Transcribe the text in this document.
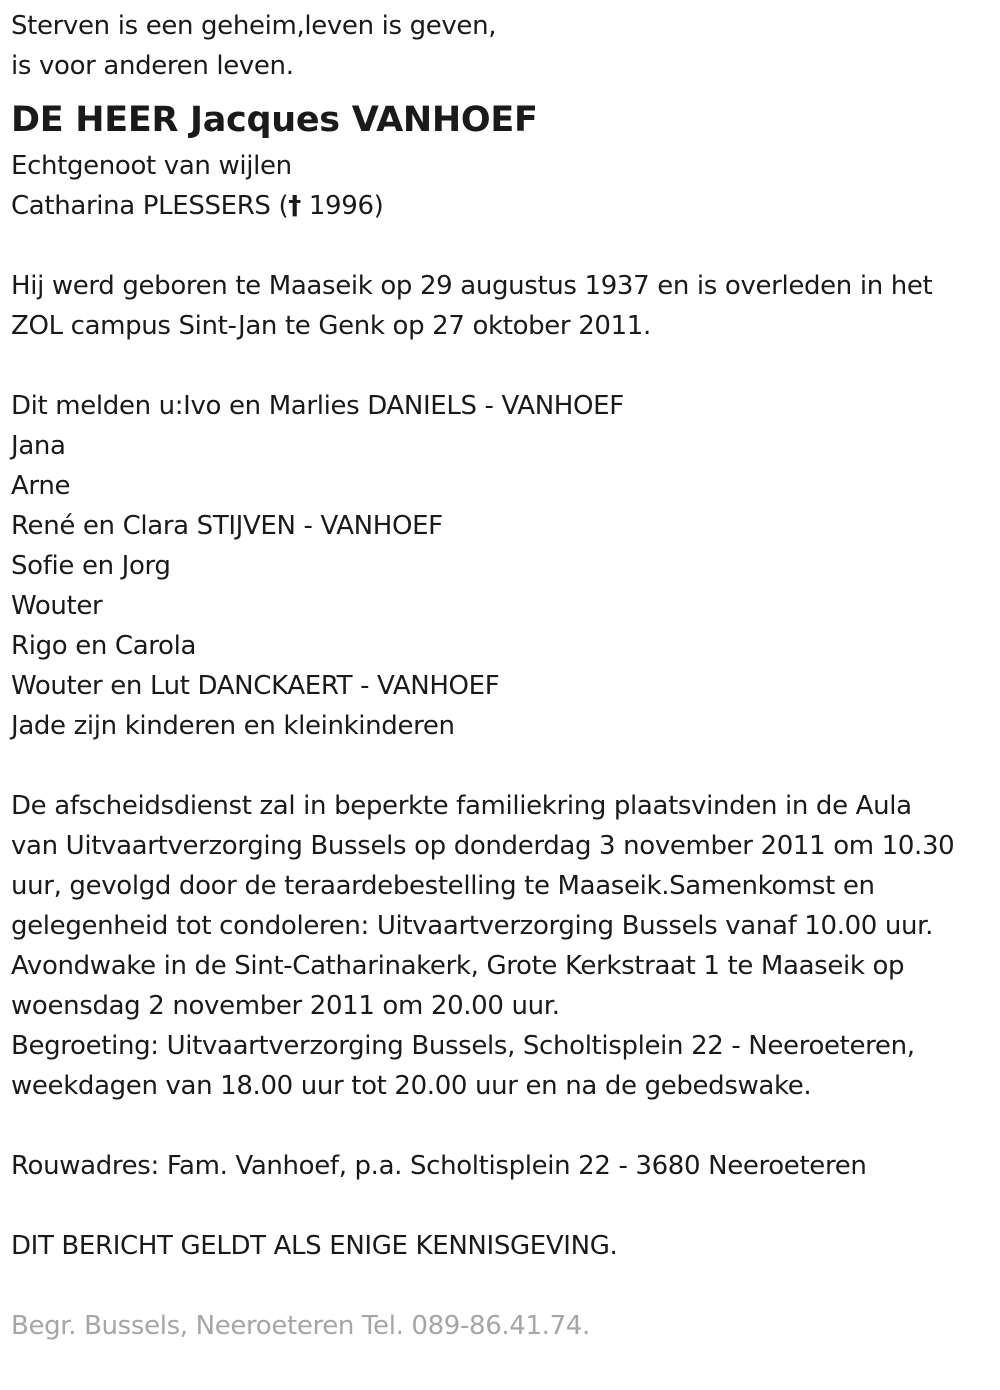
Sterven is een geheim,leven is geven,
is voor anderen leven.
DE HEER Jacques VANHOEF
Echtgenoot van wijlen
Catharina PLESSERS († 1996)
Hij werd geboren te Maaseik op 29 augustus 1937 en is overleden in het
ZOL campus Sint-Jan te Genk op 27 oktober 2011.
Dit melden u:Ivo en Marlies DANIELS - VANHOEF
Jana
Arne
René en Clara STIJVEN - VANHOEF
Sofie en Jorg
Wouter
Rigo en Carola
Wouter en Lut DANCKAERT - VANHOEF
Jade zijn kinderen en kleinkinderen
De afscheidsdienst zal in beperkte familiekring plaatsvinden in de Aula
van Uitvaartverzorging Bussels op donderdag 3 november 2011 om 10.30
uur, gevolgd door de teraardebestelling te Maaseik.Samenkomst en
gelegenheid tot condoleren: Uitvaartverzorging Bussels vanaf 10.00 uur.
Avondwake in de Sint-Catharinakerk, Grote Kerkstraat 1 te Maaseik op
woensdag 2 november 2011 om 20.00 uur.
Begroeting: Uitvaartverzorging Bussels, Scholtisplein 22 - Neeroeteren,
weekdagen van 18.00 uur tot 20.00 uur en na de gebedswake.
Rouwadres: Fam. Vanhoef, p.a. Scholtisplein 22 - 3680 Neeroeteren
DIT BERICHT GELDT ALS ENIGE KENNISGEVING.
Begr. Bussels, Neeroeteren Tel. 089-86.41.74.
